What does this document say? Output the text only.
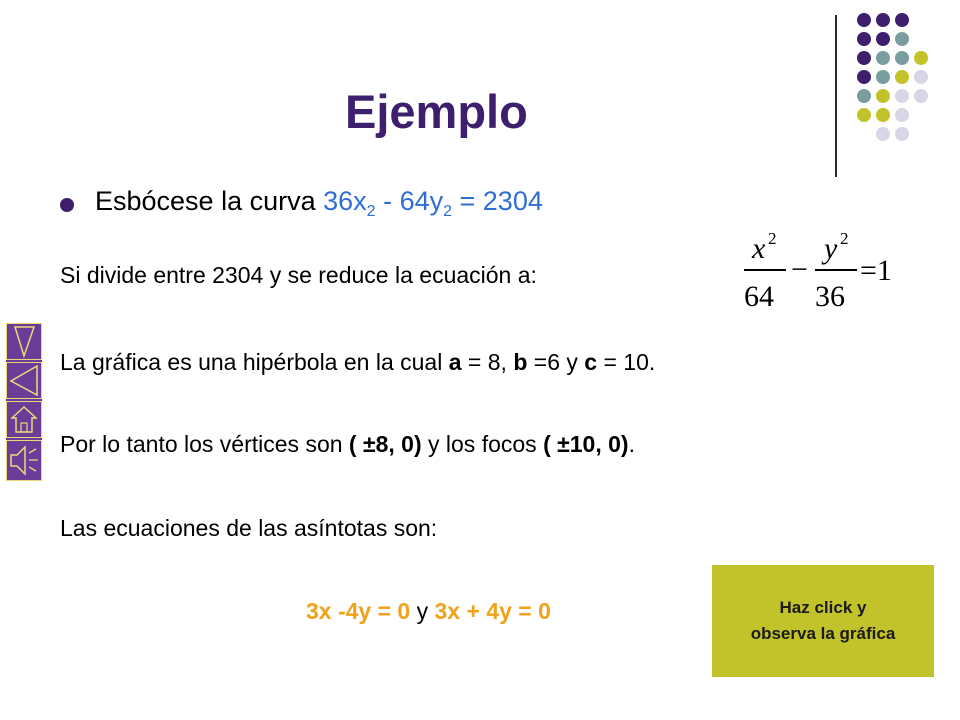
Ejemplo
Esbócese la curva $36x_2 - 64y_2 = 2304$
Si divide entre 2304 y se reduce la ecuación a:
x 2
64
−
y 2
36
=1
La gráfica es una hipérbola en la cual a = 8, b =6 y c = 10.
Por lo tanto los vértices son ( ±8, 0) y los focos ( ±10, 0).
Las ecuaciones de las asíntotas son:
3x -4y = 0 y 3x + 4y = 0	Haz click y
observa la gráfica
